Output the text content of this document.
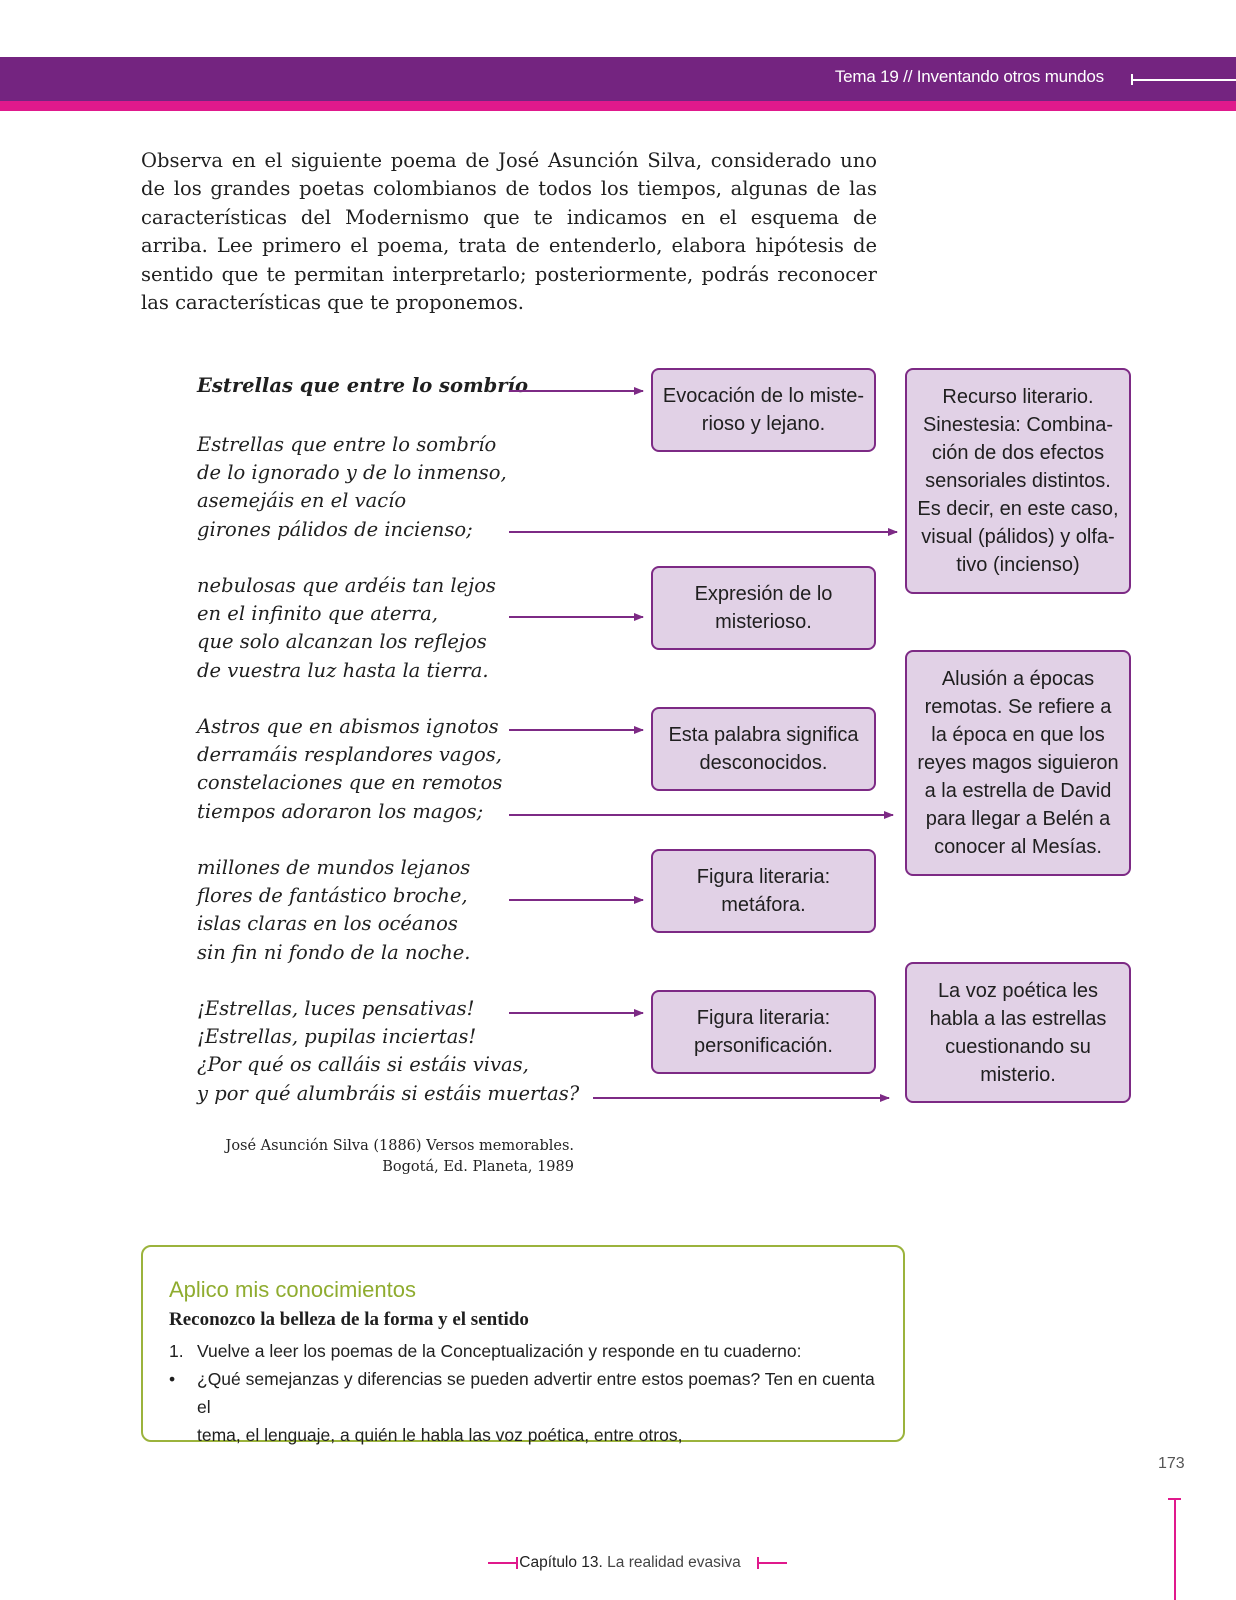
Tema 19 // Inventando otros mundos

Observa en el siguiente poema de José Asunción Silva, considerado uno de los grandes poetas colombianos de todos los tiempos, algunas de las características del Modernismo que te indicamos en el esquema de arriba. Lee primero el poema, trata de entenderlo, elabora hipótesis de sentido que te permitan interpretarlo; posteriormente, podrás reconocer las características que te proponemos.

Estrellas que entre lo sombrío
Estrellas que entre lo sombrío
de lo ignorado y de lo inmenso,
asemejáis en el vacío
girones pálidos de incienso;
nebulosas que ardéis tan lejos
en el infinito que aterra,
que solo alcanzan los reflejos
de vuestra luz hasta la tierra.
Astros que en abismos ignotos
derramáis resplandores vagos,
constelaciones que en remotos
tiempos adoraron los magos;
millones de mundos lejanos
flores de fantástico broche,
islas claras en los océanos
sin fin ni fondo de la noche.
¡Estrellas, luces pensativas!
¡Estrellas, pupilas inciertas!
¿Por qué os calláis si estáis vivas,
y por qué alumbráis si estáis muertas?
José Asunción Silva (1886) Versos memorables.
Bogotá, Ed. Planeta, 1989
Evocación de lo miste-
rioso y lejano.
Expresión de lo
misterioso.
Esta palabra significa
desconocidos.
Figura literaria:
metáfora.
Figura literaria:
personificación.
Recurso literario.
Sinestesia: Combina-
ción de dos efectos
sensoriales distintos.
Es decir, en este caso,
visual (pálidos) y olfa-
tivo (incienso)
Alusión a épocas
remotas. Se refiere a
la época en que los
reyes magos siguieron
a la estrella de David
para llegar a Belén a
conocer al Mesías.
La voz poética les
habla a las estrellas
cuestionando su
misterio.
Aplico mis conocimientos
Reconozco la belleza de la forma y el sentido
1. Vuelve a leer los poemas de la Conceptualización y responde en tu cuaderno:
• ¿Qué semejanzas y diferencias se pueden advertir entre estos poemas? Ten en cuenta el
tema, el lenguaje, a quién le habla las voz poética, entre otros,
173
Capítulo 13. La realidad evasiva
